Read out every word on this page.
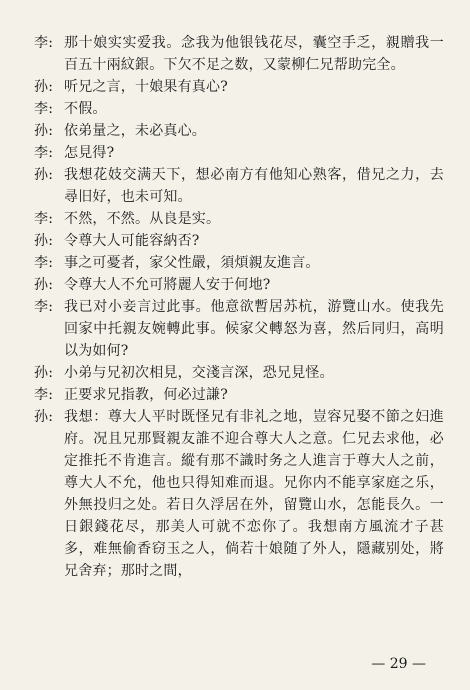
李: 那十娘实实爱我。念我为他银钱花尽，囊空手乏，親贈我一百五十兩紋銀。下欠不足之数，又蒙柳仁兄帮助完全。
孙: 听兄之言，十娘果有真心?
李: 不假。
孙: 依弟量之，未必真心。
李: 怎見得?
孙: 我想花妓交满天下，想必南方有他知心熟客，借兄之力，去尋旧好，也未可知。
李: 不然，不然。从良是实。
孙: 令尊大人可能容納否?
李: 事之可憂者，家父性嚴，須煩親友進言。
孙: 令尊大人不允可將麗人安于何地?
李: 我已对小妾言过此事。他意欲暫居苏杭，游覽山水。使我先回家中托親友婉轉此事。候家父轉怒为喜，然后同归，高明以为如何?
孙: 小弟与兄初次相見，交淺言深，恐兄見怪。
李: 正要求兄指教，何必过謙?
孙: 我想：尊大人平时既怪兄有非礼之地，豈容兄娶不節之妇進府。况且兄那賢親友誰不迎合尊大人之意。仁兄去求他，必定推托不肯進言。縱有那不識时务之人進言于尊大人之前，尊大人不允，他也只得知难而退。兄你内不能享家庭之乐，外無投归之处。若日久浮居在外，留覽山水，怎能長久。一日銀錢花尽，那美人可就不恋你了。我想南方風流才子甚多，难無偷香窃玉之人，倘若十娘随了外人，隱藏别处，將兄舍弃；那时之間，
— 29 —
